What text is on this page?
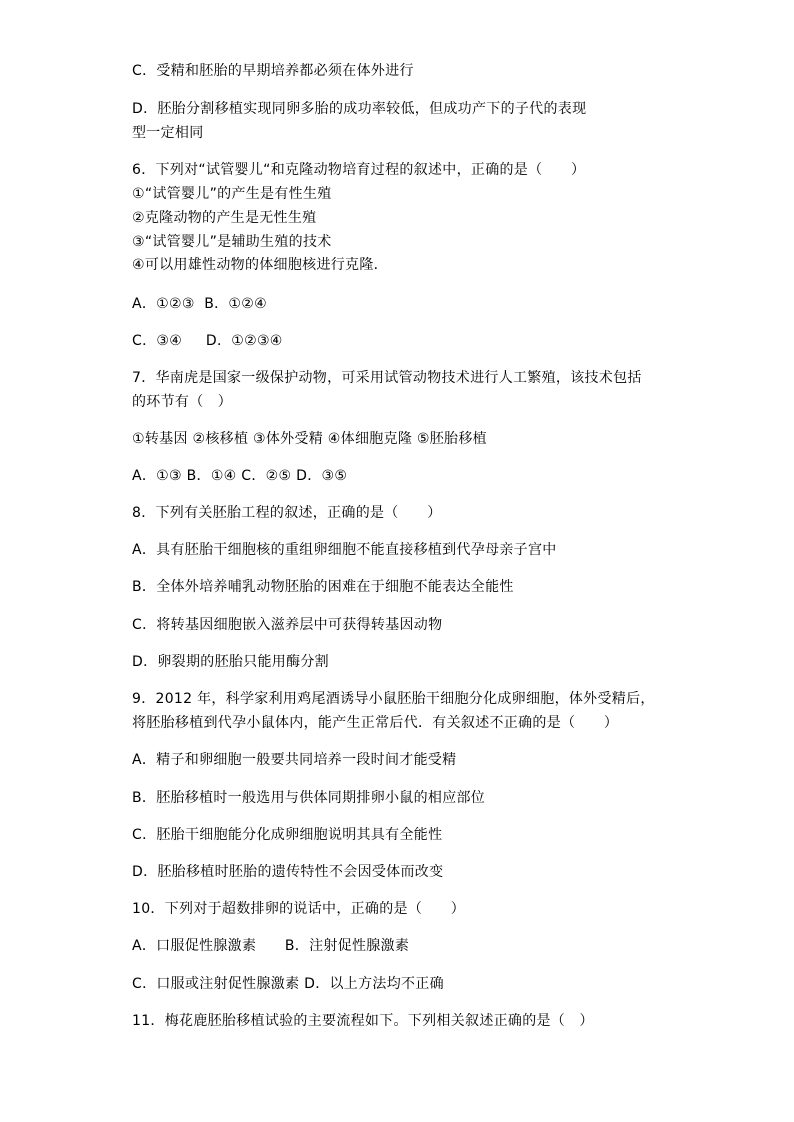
C．受精和胚胎的早期培养都必须在体外进行
D．胚胎分割移植实现同卵多胎的成功率较低，但成功产下的子代的表现
型一定相同
6．下列对“试管婴儿“和克隆动物培育过程的叙述中，正确的是（　　）
①“试管婴儿”的产生是有性生殖
②克隆动物的产生是无性生殖
③“试管婴儿”是辅助生殖的技术
④可以用雄性动物的体细胞核进行克隆．
A．①②③  B．①②④
C．③④　  D．①②③④
7．华南虎是国家一级保护动物，可采用试管动物技术进行人工繁殖，该技术包括
的环节有（　）
①转基因 ②核移植 ③体外受精 ④体细胞克隆 ⑤胚胎移植
A．①③ B．①④ C．②⑤ D．③⑤
8．下列有关胚胎工程的叙述，正确的是（　　）
A．具有胚胎干细胞核的重组卵细胞不能直接移植到代孕母亲子宫中
B．全体外培养哺乳动物胚胎的困难在于细胞不能表达全能性
C．将转基因细胞嵌入滋养层中可获得转基因动物
D．卵裂期的胚胎只能用酶分割
9．2012 年，科学家利用鸡尾酒诱导小鼠胚胎干细胞分化成卵细胞，体外受精后，
将胚胎移植到代孕小鼠体内，能产生正常后代．有关叙述不正确的是（　　）
A．精子和卵细胞一般要共同培养一段时间才能受精
B．胚胎移植时一般选用与供体同期排卵小鼠的相应部位
C．胚胎干细胞能分化成卵细胞说明其具有全能性
D．胚胎移植时胚胎的遗传特性不会因受体而改变
10．下列对于超数排卵的说话中，正确的是（　　）
A．口服促性腺激素　　B．注射促性腺激素
C．口服或注射促性腺激素 D．以上方法均不正确
11．梅花鹿胚胎移植试验的主要流程如下。下列相关叙述正确的是（　）
